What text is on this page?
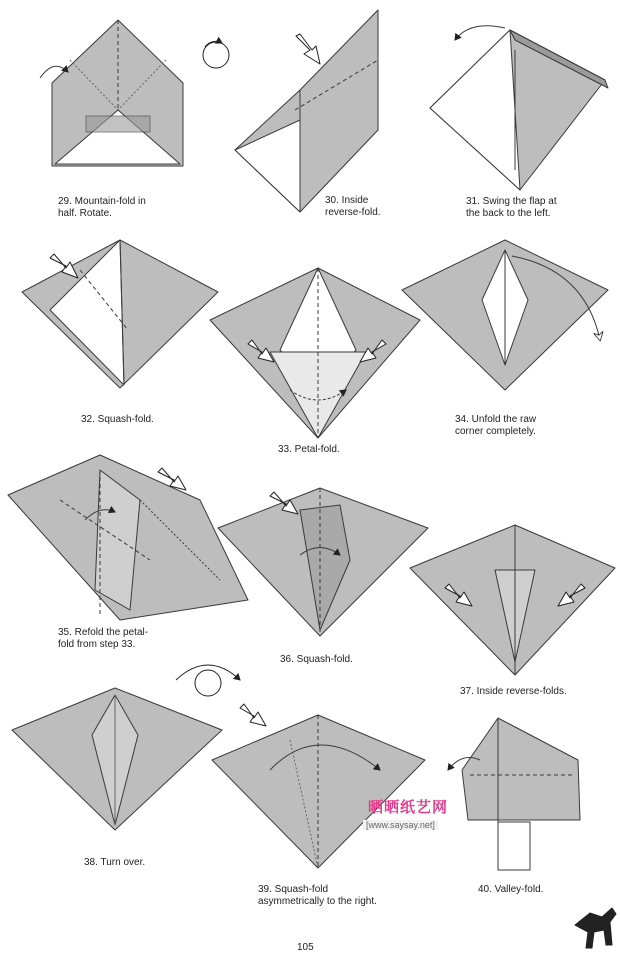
29. Mountain-fold in
half. Rotate.
30. Inside
reverse-fold.
31. Swing the flap at
the back to the left.
32. Squash-fold.
33. Petal-fold.
34. Unfold the raw
corner completely.
35. Refold the petal-
fold from step 33.
36. Squash-fold.
37. Inside reverse-folds.
38. Turn over.
39. Squash-fold
asymmetrically to the right.
40. Valley-fold.
晒晒纸艺网
[www.saysay.net]
105
